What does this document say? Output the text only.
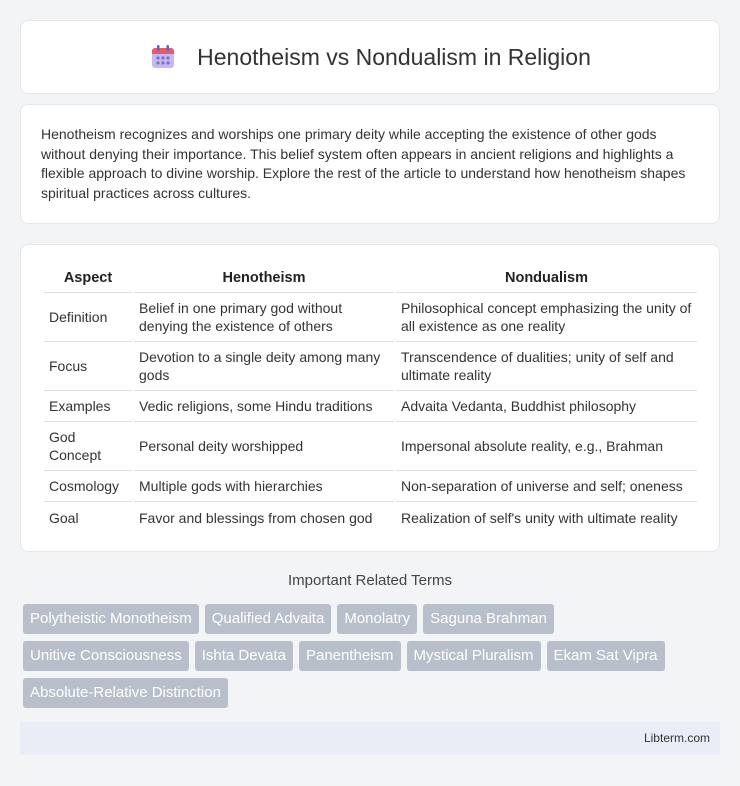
Henotheism vs Nondualism in Religion

Henotheism recognizes and worships one primary deity while accepting the existence of other gods without denying their importance. This belief system often appears in ancient religions and highlights a flexible approach to divine worship. Explore the rest of the article to understand how henotheism shapes spiritual practices across cultures.

Aspect	Henotheism	Nondualism
Definition	Belief in one primary god without denying the existence of others	Philosophical concept emphasizing the unity of all existence as one reality
Focus	Devotion to a single deity among many gods	Transcendence of dualities; unity of self and ultimate reality
Examples	Vedic religions, some Hindu traditions	Advaita Vedanta, Buddhist philosophy
God Concept	Personal deity worshipped	Impersonal absolute reality, e.g., Brahman
Cosmology	Multiple gods with hierarchies	Non-separation of universe and self; oneness
Goal	Favor and blessings from chosen god	Realization of self's unity with ultimate reality
Important Related Terms
Polytheistic Monotheism	Qualified Advaita	Monolatry	Saguna Brahman
Unitive Consciousness	Ishta Devata	Panentheism	Mystical Pluralism	Ekam Sat Vipra
Absolute-Relative Distinction
Libterm.com
